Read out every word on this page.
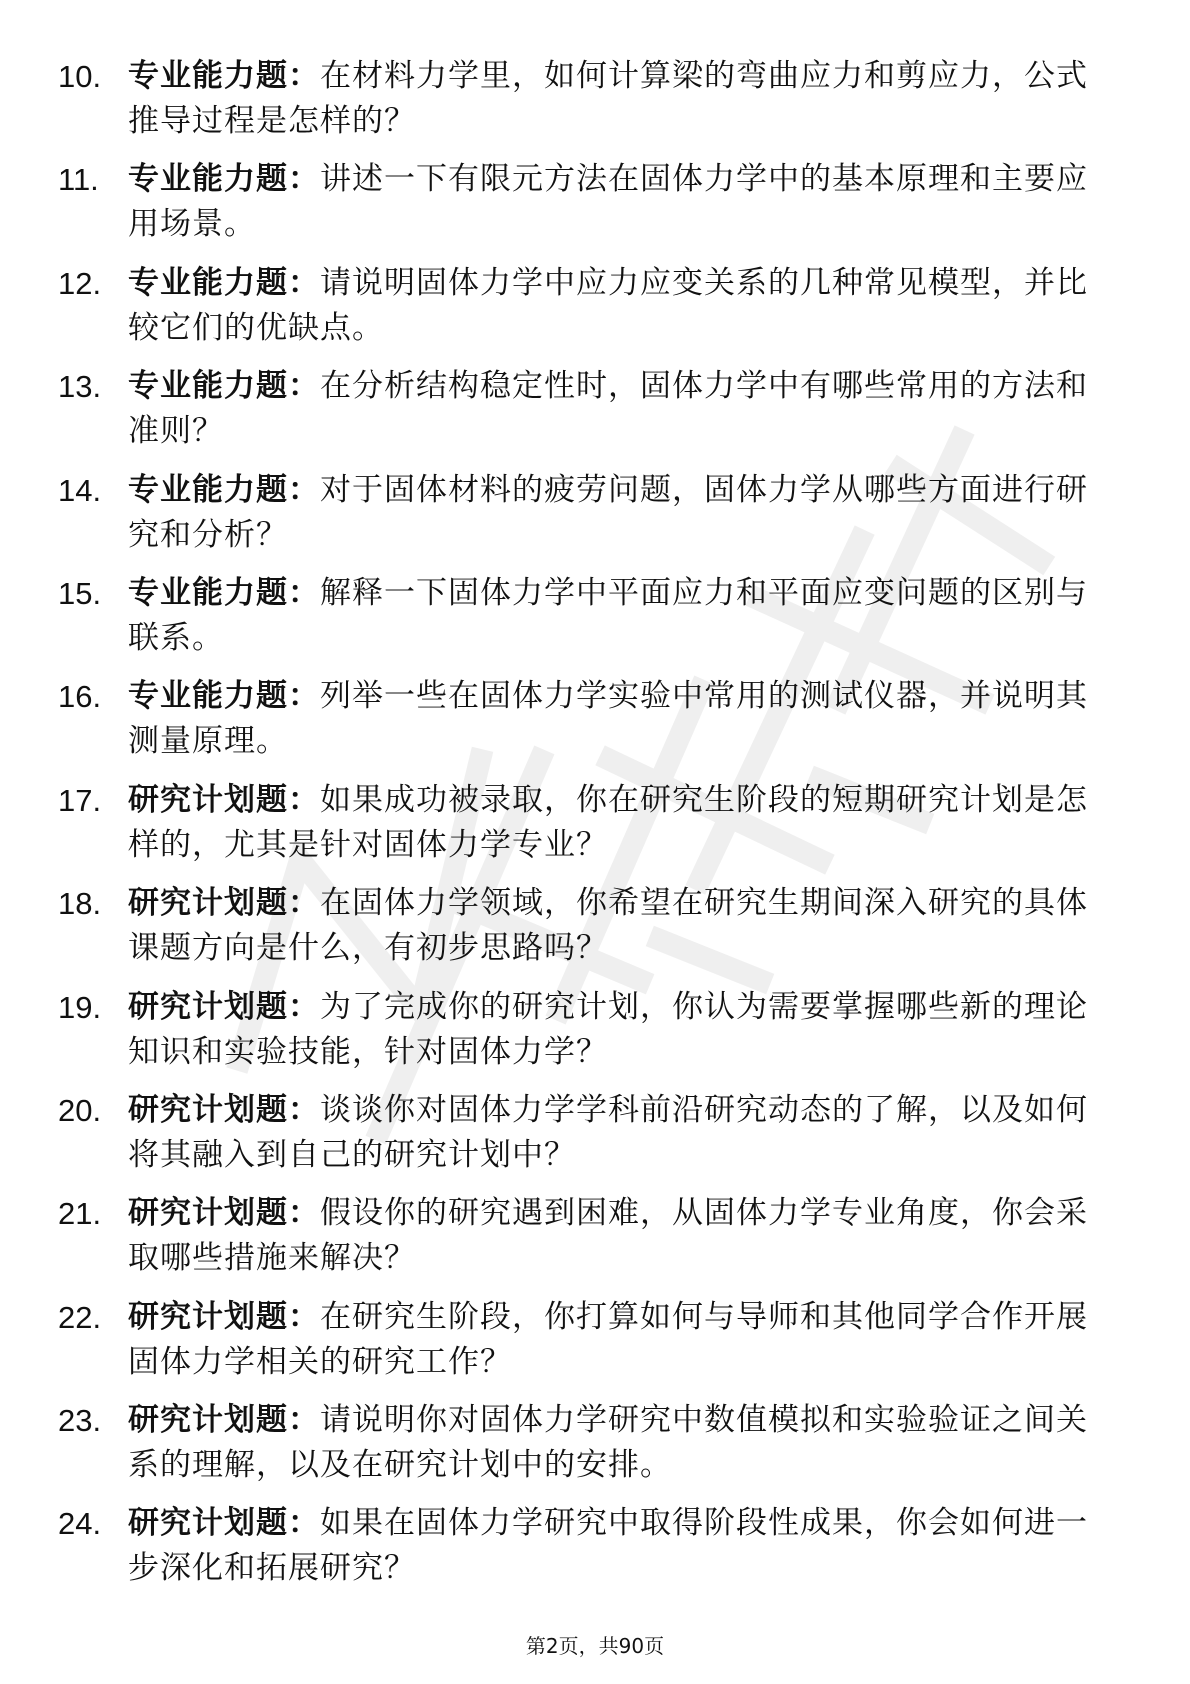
10. 专业能力题：在材料力学里，如何计算梁的弯曲应力和剪应力，公式推导过程是怎样的？
11. 专业能力题：讲述一下有限元方法在固体力学中的基本原理和主要应用场景。
12. 专业能力题：请说明固体力学中应力应变关系的几种常见模型，并比较它们的优缺点。
13. 专业能力题：在分析结构稳定性时，固体力学中有哪些常用的方法和准则？
14. 专业能力题：对于固体材料的疲劳问题，固体力学从哪些方面进行研究和分析？
15. 专业能力题：解释一下固体力学中平面应力和平面应变问题的区别与联系。
16. 专业能力题：列举一些在固体力学实验中常用的测试仪器，并说明其测量原理。
17. 研究计划题：如果成功被录取，你在研究生阶段的短期研究计划是怎样的，尤其是针对固体力学专业？
18. 研究计划题：在固体力学领域，你希望在研究生期间深入研究的具体课题方向是什么，有初步思路吗？
19. 研究计划题：为了完成你的研究计划，你认为需要掌握哪些新的理论知识和实验技能，针对固体力学？
20. 研究计划题：谈谈你对固体力学学科前沿研究动态的了解，以及如何将其融入到自己的研究计划中？
21. 研究计划题：假设你的研究遇到困难，从固体力学专业角度，你会采取哪些措施来解决？
22. 研究计划题：在研究生阶段，你打算如何与导师和其他同学合作开展固体力学相关的研究工作？
23. 研究计划题：请说明你对固体力学研究中数值模拟和实验验证之间关系的理解，以及在研究计划中的安排。
24. 研究计划题：如果在固体力学研究中取得阶段性成果，你会如何进一步深化和拓展研究？
第2页，共90页
